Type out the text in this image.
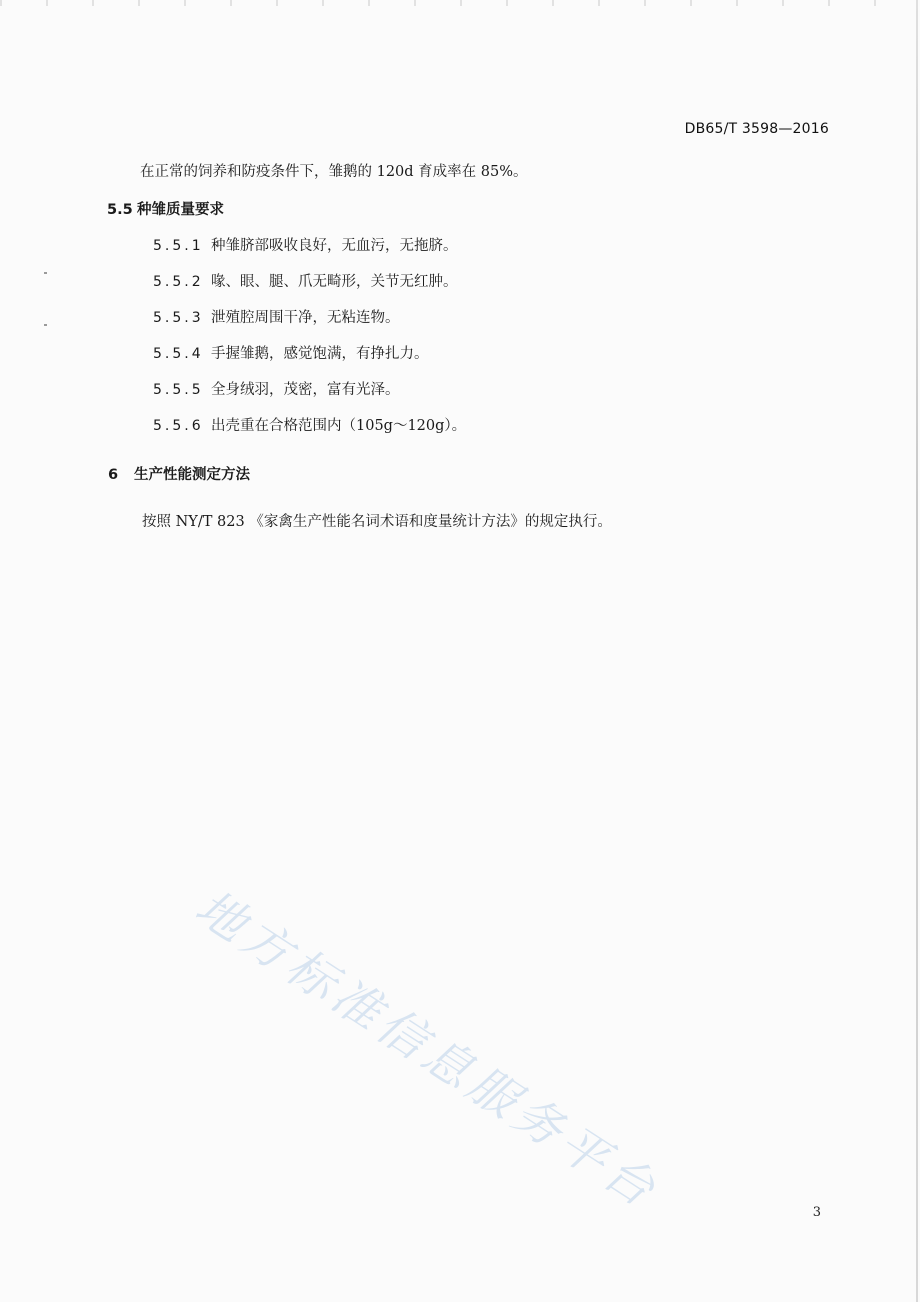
DB65/T 3598—2016
在正常的饲养和防疫条件下，雏鹅的 120d 育成率在 85%。
5.5 种雏质量要求
5.5.1 种雏脐部吸收良好，无血污，无拖脐。
5.5.2 喙、眼、腿、爪无畸形，关节无红肿。
5.5.3 泄殖腔周围干净，无粘连物。
5.5.4 手握雏鹅，感觉饱满，有挣扎力。
5.5.5 全身绒羽，茂密，富有光泽。
5.5.6 出壳重在合格范围内（105g～120g）。
6 生产性能测定方法
按照 NY/T 823 《家禽生产性能名词术语和度量统计方法》的规定执行。
地方标准信息服务平台	3
